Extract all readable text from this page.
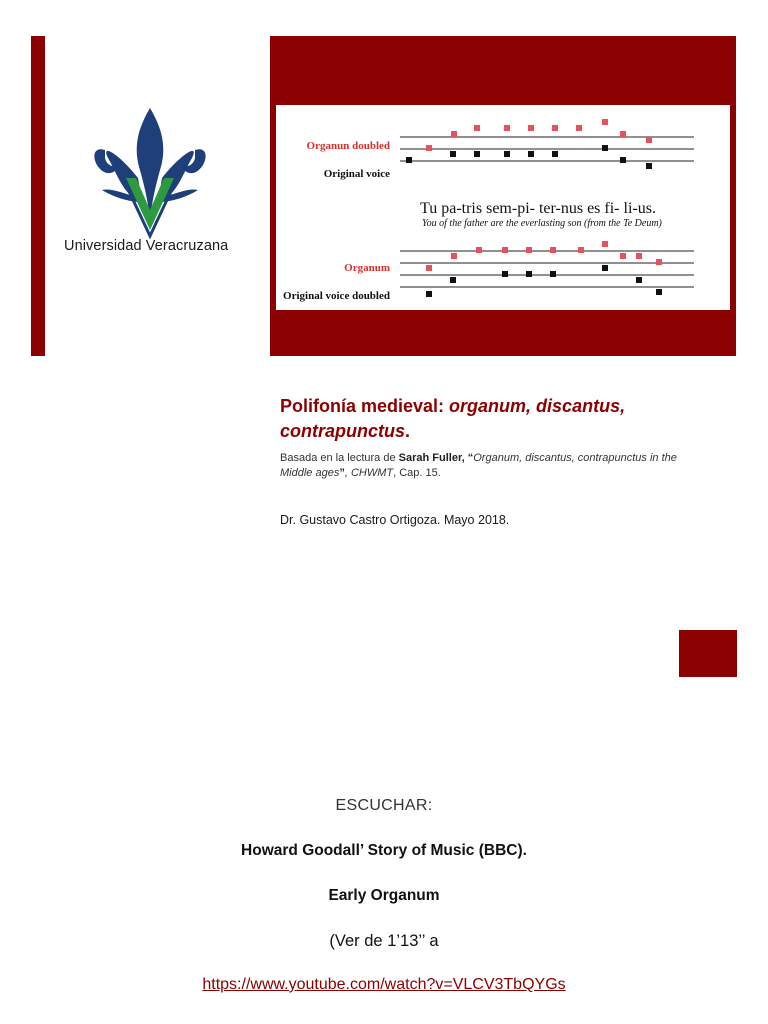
Universidad Veracruzana
Organun doubled
Original voice
Tu pa-tris sem-pi- ter-nus es fi- li-us.
You of the father are the everlasting son (from the Te Deum)
Organum
Original voice doubled
Polifonía medieval: organum, discantus,
contrapunctus.
Basada en la lectura de Sarah Fuller, “Organum, discantus, contrapunctus in the Middle ages”, CHWMT, Cap. 15.
Dr. Gustavo Castro Ortigoza. Mayo 2018.
ESCUCHAR:
Howard Goodall’ Story of Music (BBC).
Early Organum
(Ver de 1’13’’ a
https://www.youtube.com/watch?v=VLCV3TbQYGs
